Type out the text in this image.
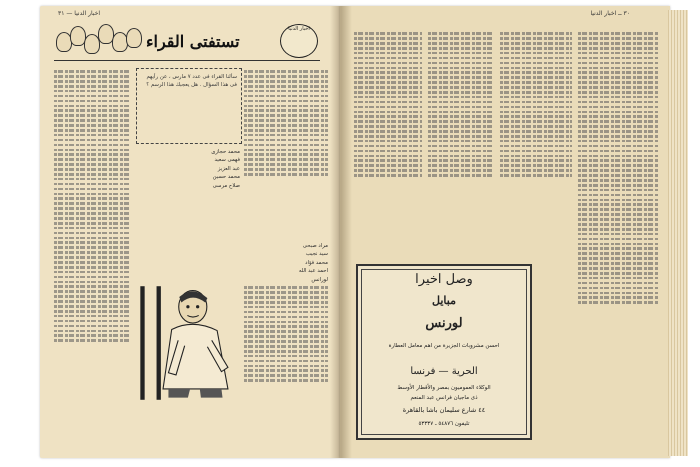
اخبار الدنيا — ٣١
تستفتى القراء
اخبار الدنيا
سألنا القراء فى عدد ٧ مارس ، عن رأيهم فى هذا السؤال . هل يعجبك هذا الرسم ؟
محمد حجازى
فهمى سعيد
عبد العزيز
محمد حسين
صلاح مرسى
مراد صبحى
سيد نجيب
محمد فؤاد
احمد عبد الله
لورانس
٣٠ ــ اخبار الدنيا
وصل اخيرا
مبايل
لورنس
احسن مشروبات الجزيرة من اهم معامل العطارة
الحرية — فرنسا
الوكلاء العموميون بمصر والأقطار الأوسط
ذى ماجيان فرانس عبد المنعم
٤٤ شارع سليمان باشا بالقاهرة
تليفون ٥٤٨٧٦ ـ ٥٣٣٣٧
